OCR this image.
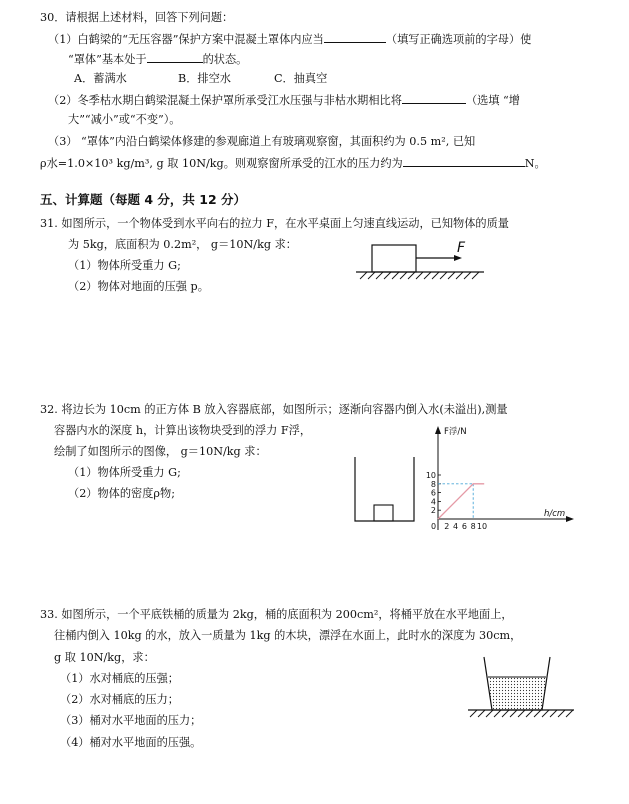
30．请根据上述材料，回答下列问题：
（1）白鹤梁的“无压容器”保护方案中混凝土罩体内应当	（填写正确选项前的字母）使
“罩体”基本处于	的状态。
A．蓄满水	B．排空水	C．抽真空
（2）冬季枯水期白鹤梁混凝土保护罩所承受江水压强与非枯水期相比将	（选填 “增
大”“减小”或“不变”）。
（3） “罩体”内沿白鹤梁体修建的参观廊道上有玻璃观察窗，其面积约为 0.5 m², 已知
ρ水=1.0×10³ kg/m³, g 取 10N/kg。则观察窗所承受的江水的压力约为	N。
五、计算题（每题 4 分，共 12 分）
31. 如图所示，一个物体受到水平向右的拉力 F，在水平桌面上匀速直线运动，已知物体的质量
为 5kg，底面积为 0.2m²， g＝10N/kg 求：
（1）物体所受重力 G;
（2）物体对地面的压强 p。
F
32. 将边长为 10cm 的正方体 B 放入容器底部，如图所示；逐渐向容器内倒入水(未溢出),测量
容器内水的深度 h，计算出该物块受到的浮力 F浮，
绘制了如图所示的图像， g＝10N/kg 求：
（1）物体所受重力 G;
（2）物体的密度ρ物;
F浮/N
h/cm
0
2
4
6
8
10
2 4 6 8 10
33. 如图所示，一个平底铁桶的质量为 2kg，桶的底面积为 200cm²，将桶平放在水平地面上，
往桶内倒入 10kg 的水，放入一质量为 1kg 的木块，漂浮在水面上，此时水的深度为 30cm，
g 取 10N/kg，求：
（1）水对桶底的压强；
（2）水对桶底的压力；
（3）桶对水平地面的压力；
（4）桶对水平地面的压强。
